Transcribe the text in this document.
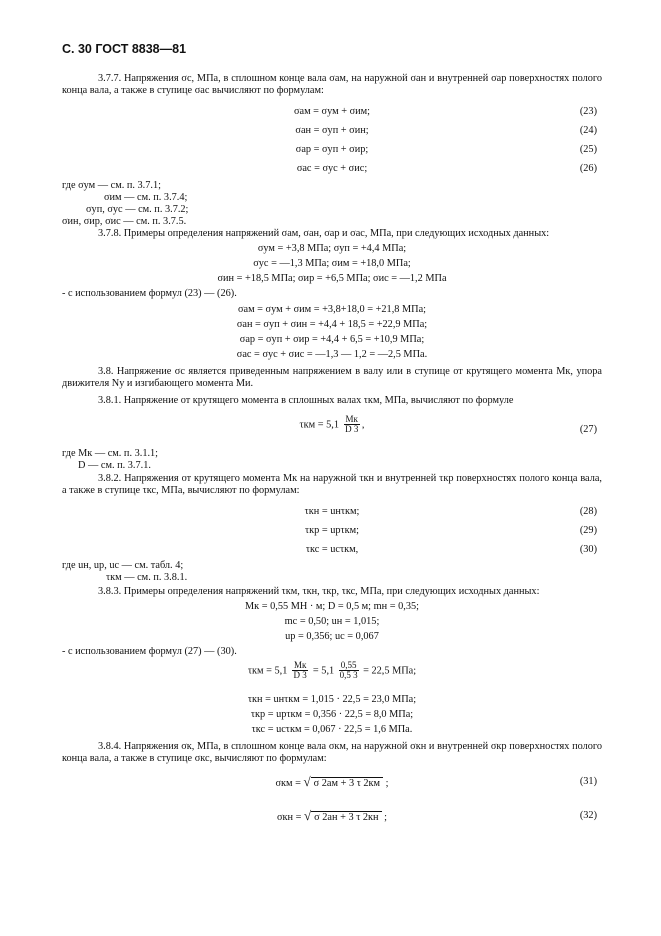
С. 30 ГОСТ 8838—81
3.7.7. Напряжения σс, МПа, в сплошном конце вала σам, на наружной σан и внутренней σар поверхностях полого конца вала, а также в ступице σас вычисляют по формулам:
σам = σум + σим;	(23)
σан = σуп + σин;	(24)
σар = σуп + σир;	(25)
σас = σус + σис;	(26)
где σум — см. п. 3.7.1;
σим — см. п. 3.7.4;
σуп, σус — см. п. 3.7.2;
σин, σир, σис — см. п. 3.7.5.
3.7.8. Примеры определения напряжений σам, σан, σар и σас, МПа, при следующих исходных данных:
σум = +3,8 МПа; σуп = +4,4 МПа;
σус = —1,3 МПа; σим = +18,0 МПа;
σин = +18,5 МПа; σир = +6,5 МПа; σис = —1,2 МПа
- с использованием формул (23) — (26).
σам = σум + σим = +3,8+18,0 = +21,8 МПа;
σан = σуп + σин = +4,4 + 18,5 = +22,9 МПа;
σар = σуп + σир = +4,4 + 6,5 = +10,9 МПа;
σас = σус + σис = —1,3 — 1,2 = —2,5 МПа.
3.8. Напряжение σс является приведенным напряжением в валу или в ступице от крутящего момента Мк, упора движителя Nу и изгибающего момента Ми.
3.8.1. Напряжение от крутящего момента в сплошных валах τкм, МПа, вычисляют по формуле
$\tau км = 5,1 \frac{Мк}{D 3}$ ,	(27)
где Мк — см. п. 3.1.1;
D — см. п. 3.7.1.
3.8.2. Напряжения от крутящего момента Мк на наружной τкн и внутренней τкр поверхностях полого конца вала, а также в ступице τкс, МПа, вычисляют по формулам:
τкн = uнτкм;	(28)
τкр = uрτкм;	(29)
τкс = uсτкм,	(30)
где uн, uр, uс — см. табл. 4;
τкм — см. п. 3.8.1.
3.8.3. Примеры определения напряжений τкм, τкн, τкр, τкс, МПа, при следующих исходных данных:
Мк = 0,55 МН · м; D = 0,5 м; mн = 0,35;
mс = 0,50; uн = 1,015;
uр = 0,356; uс = 0,067
- с использованием формул (27) — (30).
$\tau км = 5,1 \frac{Мк}{D 3} = 5,1 \frac{0,55}{0,5 3} = 22,5$ МПа;
τкн = uнτкм = 1,015 · 22,5 = 23,0 МПа;
τкр = uрτкм = 0,356 · 22,5 = 8,0 МПа;
τкс = uсτкм = 0,067 · 22,5 = 1,6 МПа.
3.8.4. Напряжения σк, МПа, в сплошном конце вала σкм, на наружной σкн и внутренней σкр поверхностях полого конца вала, а также в ступице σкс, вычисляют по формулам:
σкм = √ σ 2ам + 3 τ 2км ;	(31)
σкн = √ σ 2ан + 3 τ 2кн ;	(32)
